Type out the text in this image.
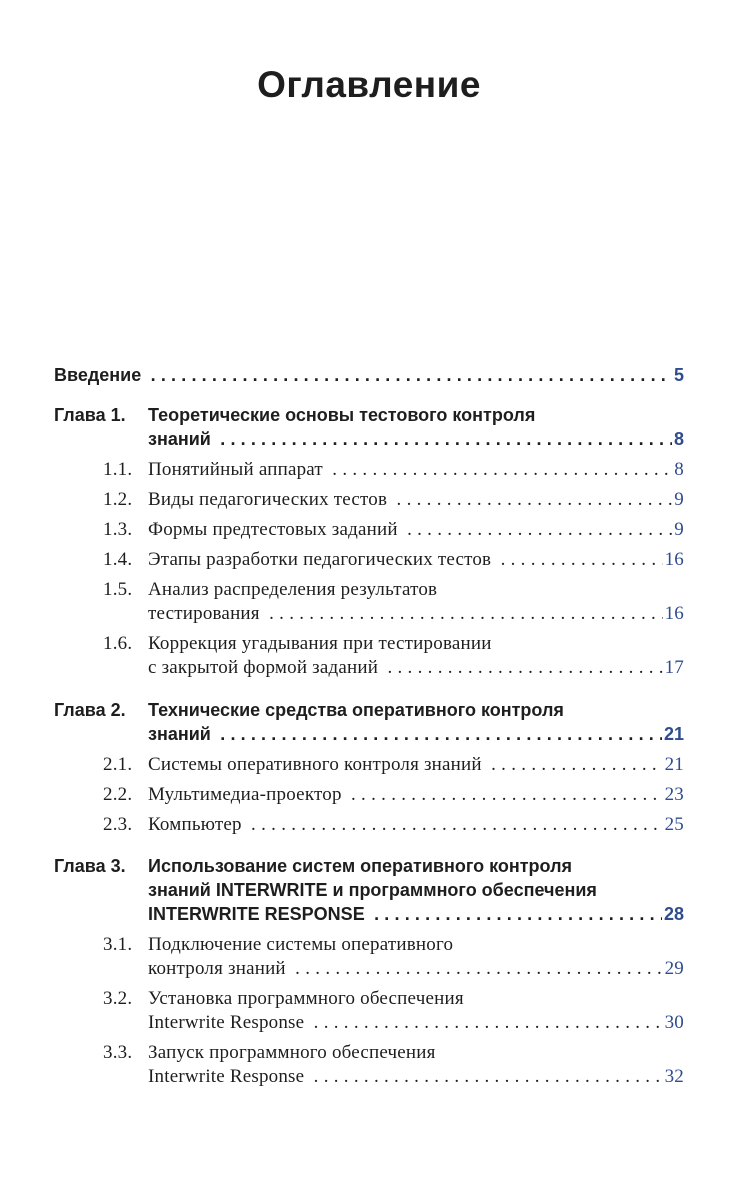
Оглавление
Введение . .	5
Глава 1.	Теоретические основы тестового контроля
знаний . .	8
1.1. Понятийный аппарат . .	8
1.2. Виды педагогических тестов . .	9
1.3. Формы предтестовых заданий . .	9
1.4. Этапы разработки педагогических тестов . .	16
1.5. Анализ распределения результатов
тестирования . .	16
1.6. Коррекция угадывания при тестировании
с закрытой формой заданий . .	17
Глава 2.	Технические средства оперативного контроля
знаний . .	21
2.1. Системы оперативного контроля знаний . .	21
2.2. Мультимедиа-проектор . .	23
2.3. Компьютер . .	25
Глава 3.	Использование систем оперативного контроля
знаний INTERWRITE и программного обеспечения
INTERWRITE RESPONSE . .	28
3.1. Подключение системы оперативного
контроля знаний . .	29
3.2. Установка программного обеспечения
Interwrite Response . .	30
3.3. Запуск программного обеспечения
Interwrite Response . .	32
